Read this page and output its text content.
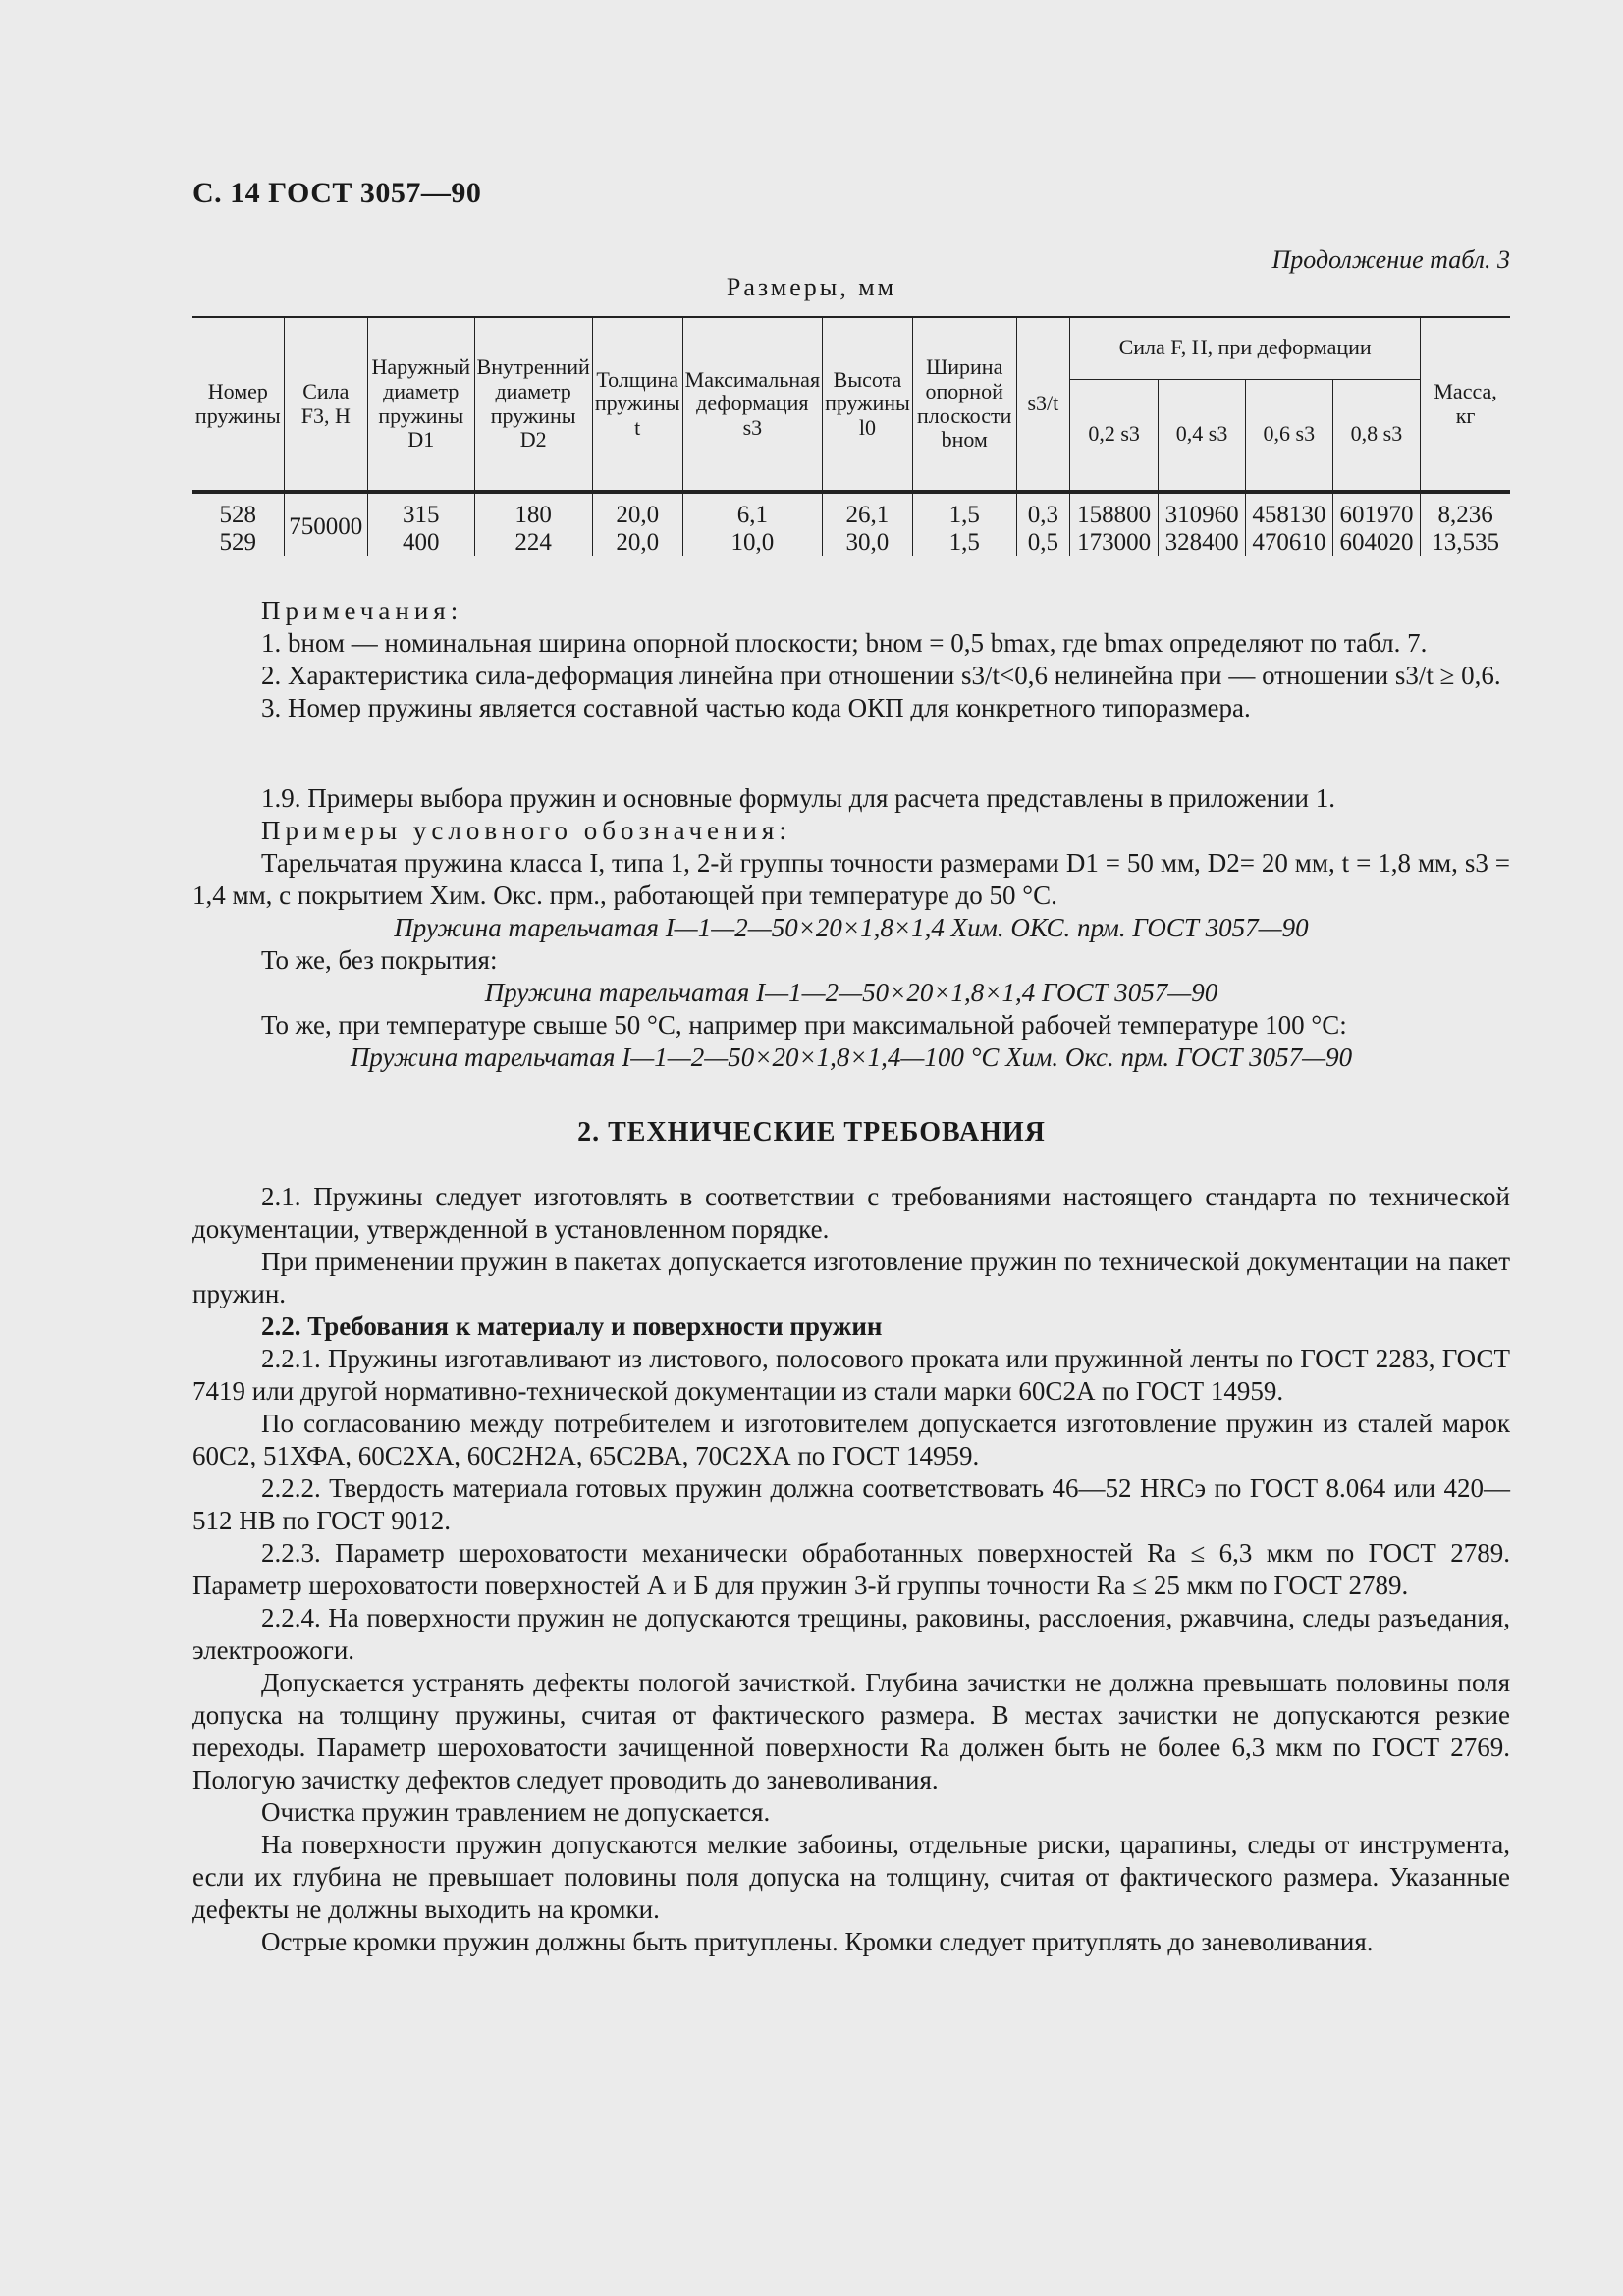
С. 14 ГОСТ 3057—90
Продолжение табл. 3
Размеры, мм
Номер пружины	Сила F3, Н	Наружный диаметр пружины D1	Внутренний диаметр пружины D2	Толщина пружины t	Максимальная деформация s3	Высота пружины l0	Ширина опорной плоскости bном	s3/t	Сила F, Н, при деформации				Масса, кг
									0,2 s3	0,4 s3	0,6 s3	0,8 s3	
528	750000	315	180	20,0	6,1	26,1	1,5	0,3	158800	310960	458130	601970	8,236
529		400	224	20,0	10,0	30,0	1,5	0,5	173000	328400	470610	604020	13,535

Примечания:

1. bном — номинальная ширина опорной плоскости; bном = 0,5 bmax, где bmax определяют по табл. 7.

2. Характеристика сила-деформация линейна при отношении s3/t<0,6 нелинейна при — отношении s3/t ≥ 0,6.

3. Номер пружины является составной частью кода ОКП для конкретного типоразмера.

1.9. Примеры выбора пружин и основные формулы для расчета представлены в приложении 1.

Примеры условного обозначения:

Тарельчатая пружина класса I, типа 1, 2-й группы точности размерами D1 = 50 мм, D2= 20 мм, t = 1,8 мм, s3 = 1,4 мм, с покрытием Хим. Окс. прм., работающей при температуре до 50 °С.

Пружина тарельчатая I—1—2—50×20×1,8×1,4 Хим. ОКС. прм. ГОСТ 3057—90

То же, без покрытия:

Пружина тарельчатая I—1—2—50×20×1,8×1,4 ГОСТ 3057—90

То же, при температуре свыше 50 °С, например при максимальной рабочей температуре 100 °С:

Пружина тарельчатая I—1—2—50×20×1,8×1,4—100 °С Хим. Окс. прм. ГОСТ 3057—90

2. ТЕХНИЧЕСКИЕ ТРЕБОВАНИЯ

2.1. Пружины следует изготовлять в соответствии с требованиями настоящего стандарта по технической документации, утвержденной в установленном порядке.

При применении пружин в пакетах допускается изготовление пружин по технической документации на пакет пружин.

2.2. Требования к материалу и поверхности пружин

2.2.1. Пружины изготавливают из листового, полосового проката или пружинной ленты по ГОСТ 2283, ГОСТ 7419 или другой нормативно-технической документации из стали марки 60С2А по ГОСТ 14959.

По согласованию между потребителем и изготовителем допускается изготовление пружин из сталей марок 60С2, 51ХФА, 60С2ХА, 60С2Н2А, 65С2ВА, 70С2ХА по ГОСТ 14959.

2.2.2. Твердость материала готовых пружин должна соответствовать 46—52 HRCэ по ГОСТ 8.064 или 420—512 НВ по ГОСТ 9012.

2.2.3. Параметр шероховатости механически обработанных поверхностей Ra ≤ 6,3 мкм по ГОСТ 2789. Параметр шероховатости поверхностей А и Б для пружин 3-й группы точности Ra ≤ 25 мкм по ГОСТ 2789.

2.2.4. На поверхности пружин не допускаются трещины, раковины, расслоения, ржавчина, следы разъедания, электроожоги.

Допускается устранять дефекты пологой зачисткой. Глубина зачистки не должна превышать половины поля допуска на толщину пружины, считая от фактического размера. В местах зачистки не допускаются резкие переходы. Параметр шероховатости зачищенной поверхности Ra должен быть не более 6,3 мкм по ГОСТ 2769. Пологую зачистку дефектов следует проводить до заневоливания.

Очистка пружин травлением не допускается.

На поверхности пружин допускаются мелкие забоины, отдельные риски, царапины, следы от инструмента, если их глубина не превышает половины поля допуска на толщину, считая от фактического размера. Указанные дефекты не должны выходить на кромки.

Острые кромки пружин должны быть притуплены. Кромки следует притуплять до заневоливания.
